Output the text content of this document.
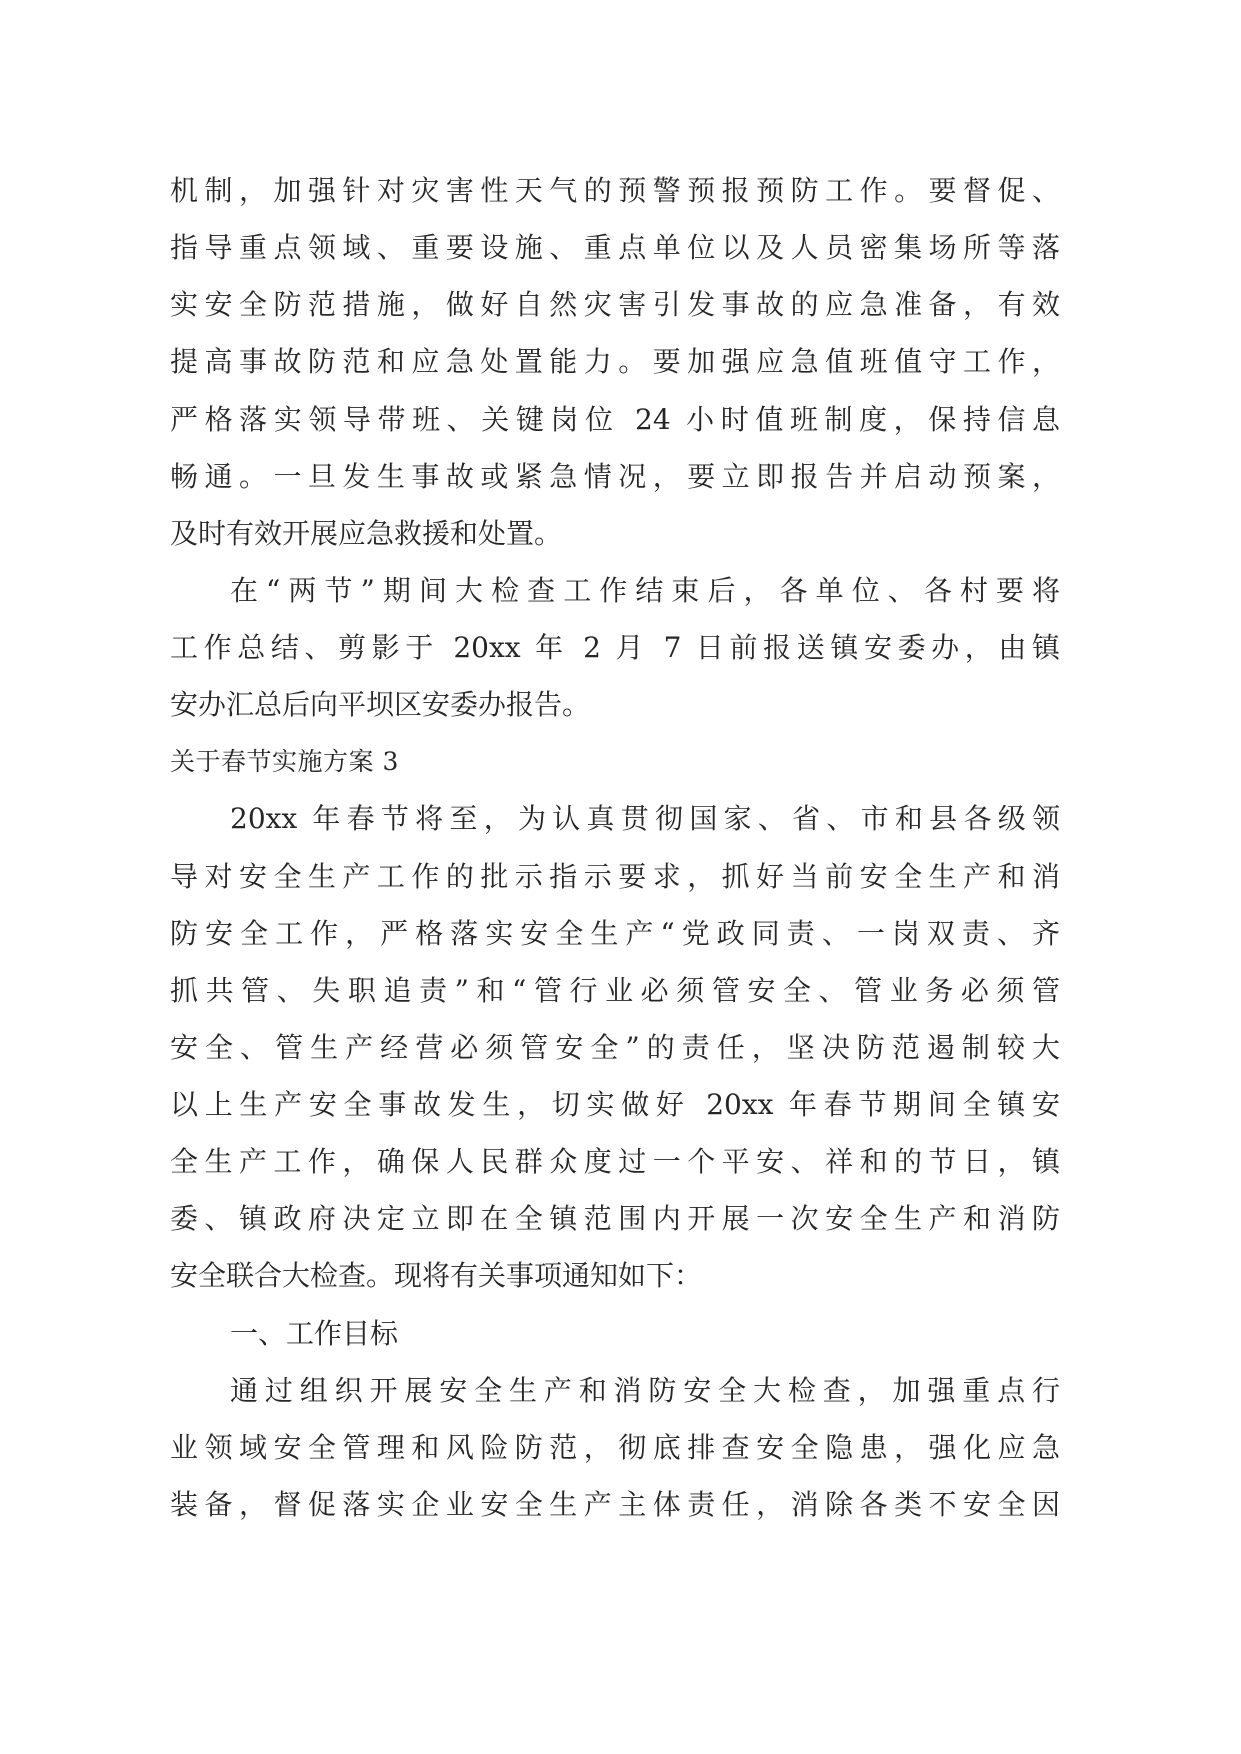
机制，加强针对灾害性天气的预警预报预防工作。要督促、
指导重点领域、重要设施、重点单位以及人员密集场所等落
实安全防范措施，做好自然灾害引发事故的应急准备，有效
提高事故防范和应急处置能力。要加强应急值班值守工作，
严格落实领导带班、关键岗位 24 小时值班制度，保持信息
畅通。一旦发生事故或紧急情况，要立即报告并启动预案，
及时有效开展应急救援和处置。
在“两节”期间大检查工作结束后，各单位、各村要将
工作总结、剪影于 20xx 年 2 月 7 日前报送镇安委办，由镇
安办汇总后向平坝区安委办报告。
关于春节实施方案 3
20xx 年春节将至，为认真贯彻国家、省、市和县各级领
导对安全生产工作的批示指示要求，抓好当前安全生产和消
防安全工作，严格落实安全生产“党政同责、一岗双责、齐
抓共管、失职追责”和“管行业必须管安全、管业务必须管
安全、管生产经营必须管安全”的责任，坚决防范遏制较大
以上生产安全事故发生，切实做好 20xx 年春节期间全镇安
全生产工作，确保人民群众度过一个平安、祥和的节日，镇
委、镇政府决定立即在全镇范围内开展一次安全生产和消防
安全联合大检查。现将有关事项通知如下：
一、工作目标
通过组织开展安全生产和消防安全大检查，加强重点行
业领域安全管理和风险防范，彻底排查安全隐患，强化应急
装备，督促落实企业安全生产主体责任，消除各类不安全因
